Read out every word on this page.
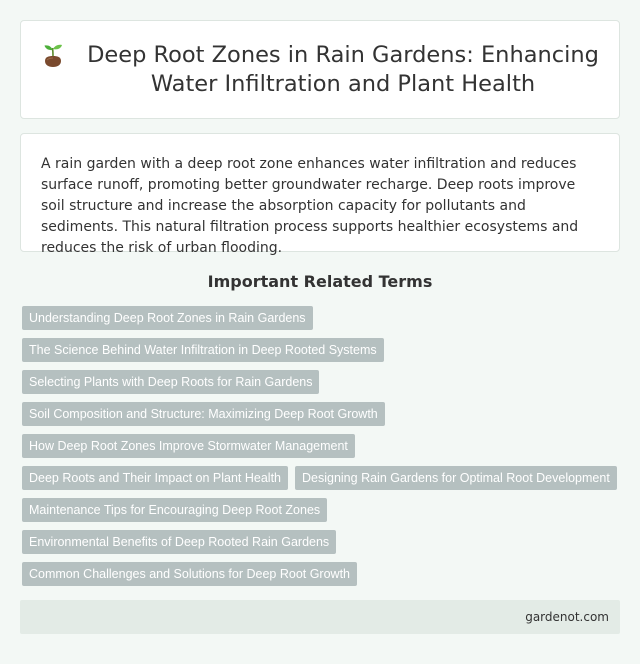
Deep Root Zones in Rain Gardens: Enhancing Water Infiltration and Plant Health

A rain garden with a deep root zone enhances water infiltration and reduces surface runoff, promoting better groundwater recharge. Deep roots improve soil structure and increase the absorption capacity for pollutants and sediments. This natural filtration process supports healthier ecosystems and reduces the risk of urban flooding.

Important Related Terms
Understanding Deep Root Zones in Rain Gardens
The Science Behind Water Infiltration in Deep Rooted Systems
Selecting Plants with Deep Roots for Rain Gardens
Soil Composition and Structure: Maximizing Deep Root Growth
How Deep Root Zones Improve Stormwater Management
Deep Roots and Their Impact on Plant Health	Designing Rain Gardens for Optimal Root Development
Maintenance Tips for Encouraging Deep Root Zones
Environmental Benefits of Deep Rooted Rain Gardens
Common Challenges and Solutions for Deep Root Growth
gardenot.com
